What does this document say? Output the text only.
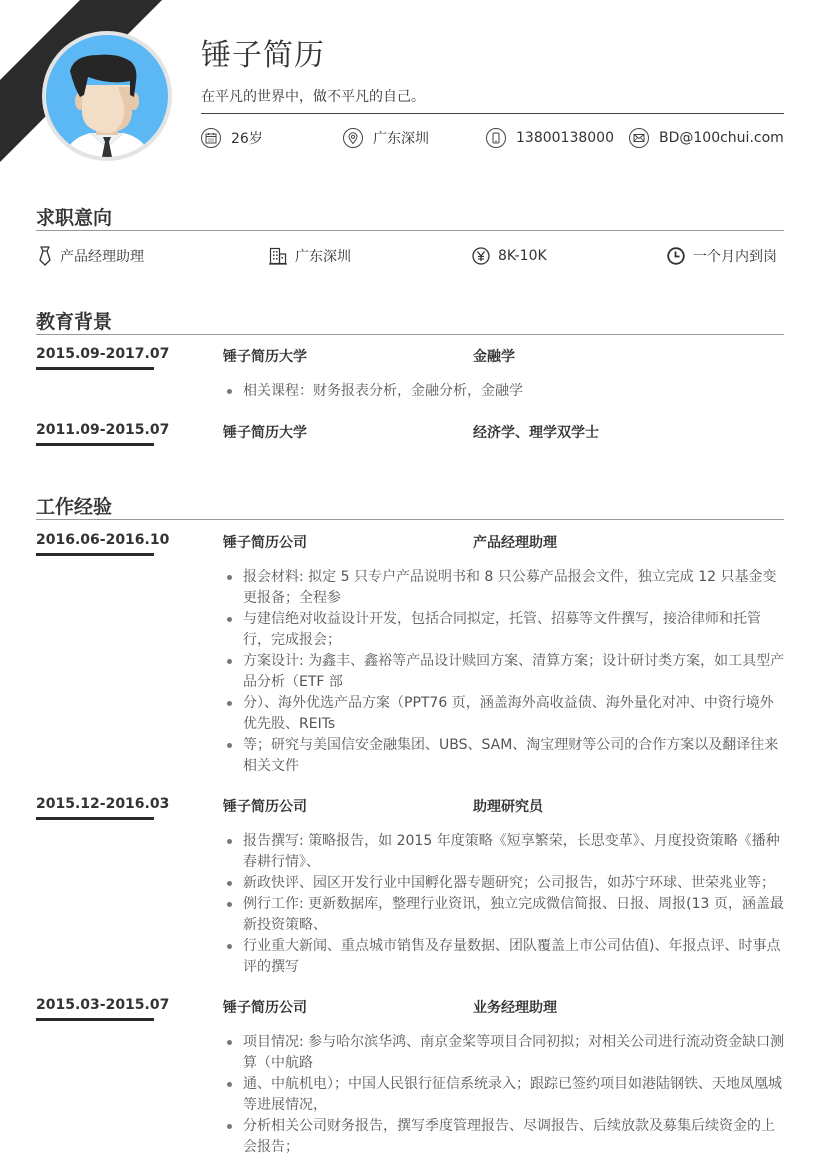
锤子简历
在平凡的世界中，做不平凡的自己。
26岁	广东深圳	13800138000	BD@100chui.com
求职意向
产品经理助理	广东深圳	8K-10K	一个月内到岗
教育背景
2015.09-2017.07	锤子简历大学	金融学
相关课程：财务报表分析，金融分析，金融学
2011.09-2015.07	锤子简历大学	经济学、理学双学士
工作经验
2016.06-2016.10	锤子简历公司	产品经理助理
报会材料: 拟定 5 只专户产品说明书和 8 只公募产品报会文件，独立完成 12 只基金变更报备；全程参
与建信绝对收益设计开发，包括合同拟定，托管、招募等文件撰写，接洽律师和托管行，完成报会；
方案设计: 为鑫丰、鑫裕等产品设计赎回方案、清算方案；设计研讨类方案，如工具型产品分析（ETF 部
分）、海外优选产品方案（PPT76 页，涵盖海外高收益债、海外量化对冲、中资行境外优先股、REITs
等；研究与美国信安金融集团、UBS、SAM、淘宝理财等公司的合作方案以及翻译往来相关文件
2015.12-2016.03	锤子简历公司	助理研究员
报告撰写: 策略报告，如 2015 年度策略《短享繁荣，长思变革》、月度投资策略《播种春耕行情》、
新政快评、园区开发行业中国孵化器专题研究；公司报告，如苏宁环球、世荣兆业等；
例行工作: 更新数据库，整理行业资讯，独立完成微信简报、日报、周报(13 页，涵盖最新投资策略、
行业重大新闻、重点城市销售及存量数据、团队覆盖上市公司估值)、年报点评、时事点评的撰写
2015.03-2015.07	锤子简历公司	业务经理助理
项目情况: 参与哈尔滨华鸿、南京金桨等项目合同初拟；对相关公司进行流动资金缺口测算（中航路
通、中航机电）；中国人民银行征信系统录入；跟踪已签约项目如港陆钢铁、天地凤凰城等进展情况，
分析相关公司财务报告，撰写季度管理报告、尽调报告、后续放款及募集后续资金的上会报告；
